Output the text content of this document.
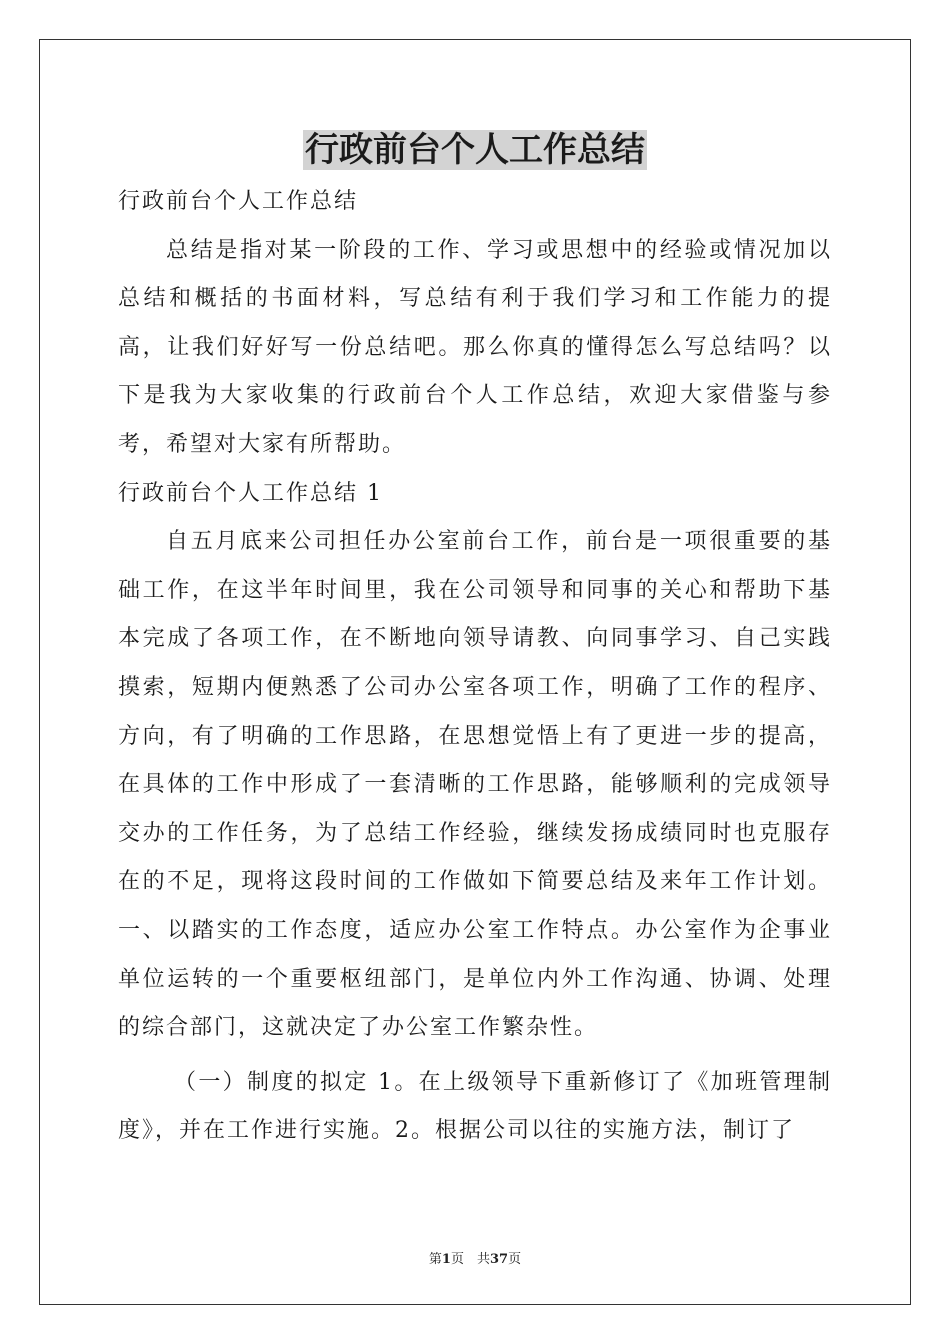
行政前台个人工作总结

行政前台个人工作总结

总结是指对某一阶段的工作、学习或思想中的经验或情况加以总结和概括的书面材料，写总结有利于我们学习和工作能力的提高，让我们好好写一份总结吧。那么你真的懂得怎么写总结吗？以下是我为大家收集的行政前台个人工作总结，欢迎大家借鉴与参考，希望对大家有所帮助。

行政前台个人工作总结 1

自五月底来公司担任办公室前台工作，前台是一项很重要的基础工作，在这半年时间里，我在公司领导和同事的关心和帮助下基本完成了各项工作，在不断地向领导请教、向同事学习、自己实践摸索，短期内便熟悉了公司办公室各项工作，明确了工作的程序、方向，有了明确的工作思路，在思想觉悟上有了更进一步的提高，在具体的工作中形成了一套清晰的工作思路，能够顺利的完成领导交办的工作任务，为了总结工作经验，继续发扬成绩同时也克服存在的不足，现将这段时间的工作做如下简要总结及来年工作计划。一、以踏实的工作态度，适应办公室工作特点。办公室作为企事业单位运转的一个重要枢纽部门，是单位内外工作沟通、协调、处理的综合部门，这就决定了办公室工作繁杂性。

（一）制度的拟定 1。在上级领导下重新修订了《加班管理制度》，并在工作进行实施。2。根据公司以往的实施方法，制订了

第1页　共37页
